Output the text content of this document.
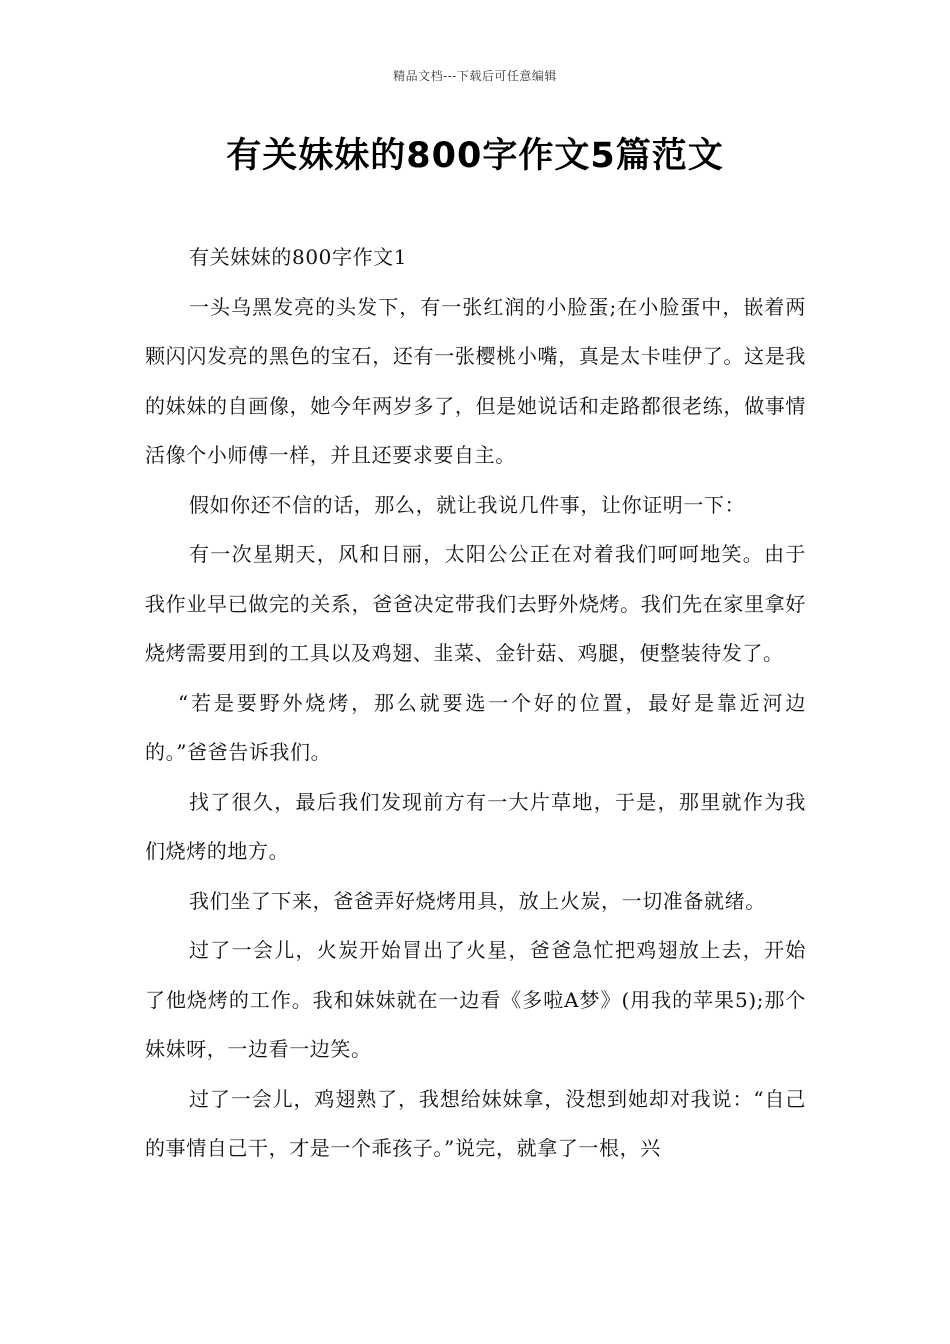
精品文档---下载后可任意编辑
有关妹妹的800字作文5篇范文

有关妹妹的800字作文1

一头乌黑发亮的头发下，有一张红润的小脸蛋;在小脸蛋中，嵌着两颗闪闪发亮的黑色的宝石，还有一张樱桃小嘴，真是太卡哇伊了。这是我的妹妹的自画像，她今年两岁多了，但是她说话和走路都很老练，做事情活像个小师傅一样，并且还要求要自主。

假如你还不信的话，那么，就让我说几件事，让你证明一下：

有一次星期天，风和日丽，太阳公公正在对着我们呵呵地笑。由于我作业早已做完的关系，爸爸决定带我们去野外烧烤。我们先在家里拿好烧烤需要用到的工具以及鸡翅、韭菜、金针菇、鸡腿，便整装待发了。

“若是要野外烧烤，那么就要选一个好的位置，最好是靠近河边的。”爸爸告诉我们。

找了很久，最后我们发现前方有一大片草地，于是，那里就作为我们烧烤的地方。

我们坐了下来，爸爸弄好烧烤用具，放上火炭，一切准备就绪。

过了一会儿，火炭开始冒出了火星，爸爸急忙把鸡翅放上去，开始了他烧烤的工作。我和妹妹就在一边看《多啦A梦》(用我的苹果5);那个妹妹呀，一边看一边笑。

过了一会儿，鸡翅熟了，我想给妹妹拿，没想到她却对我说：“自己的事情自己干，才是一个乖孩子。”说完，就拿了一根，兴
